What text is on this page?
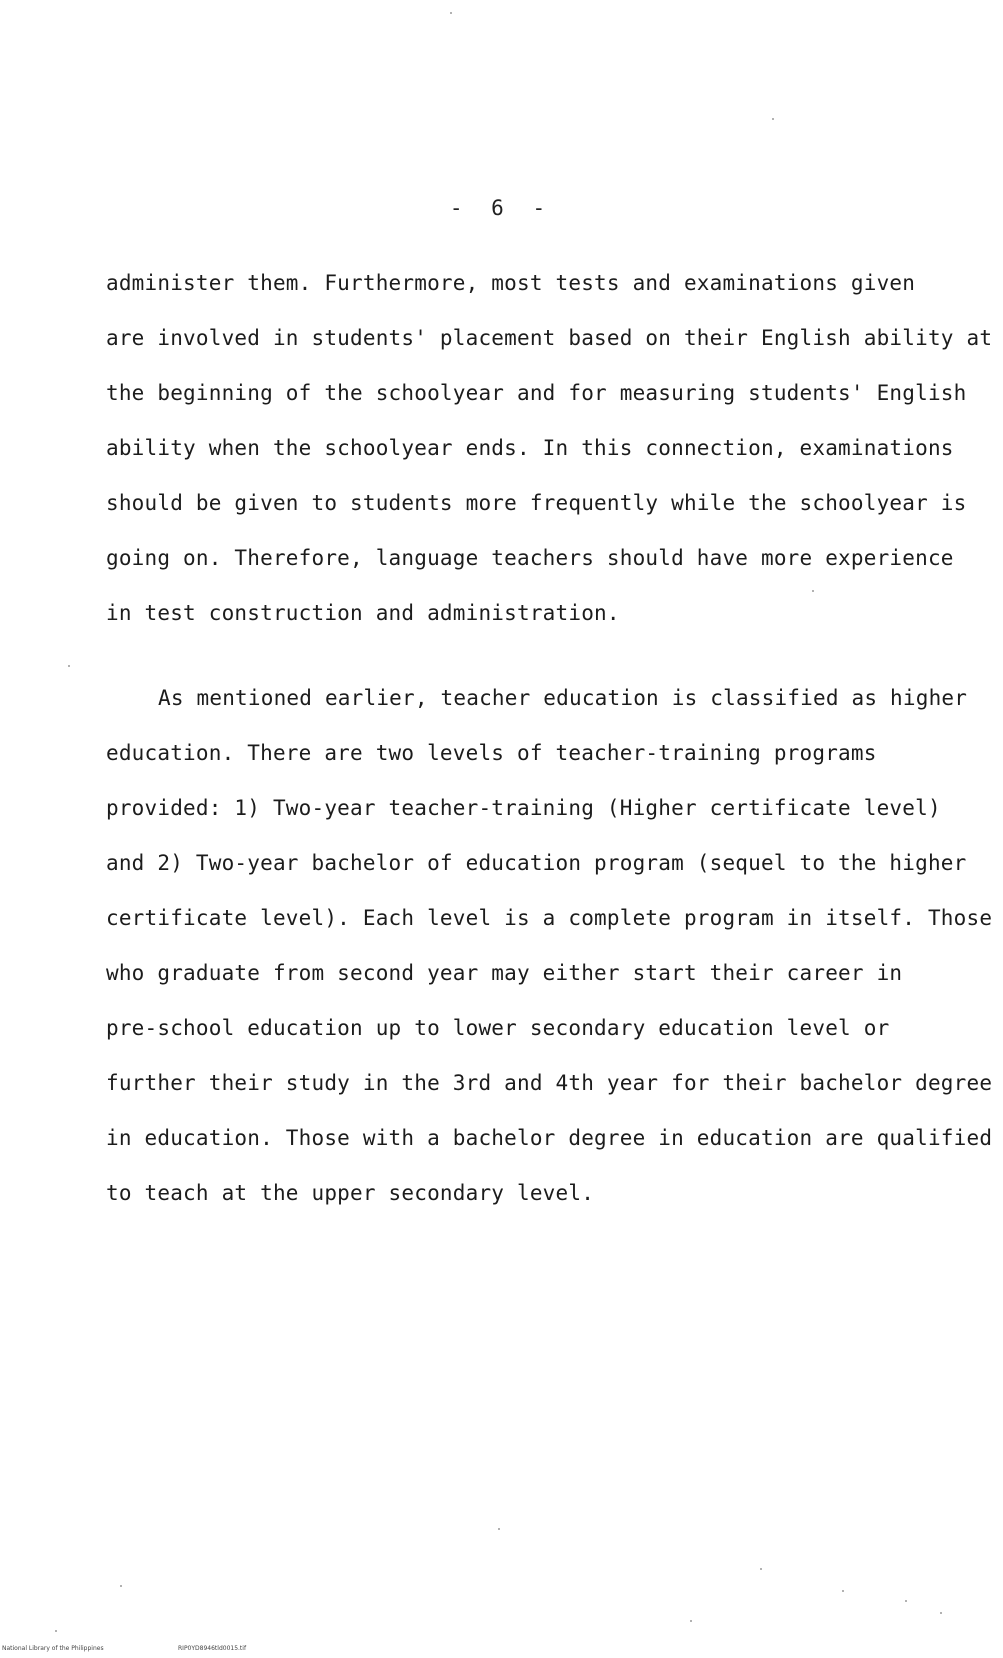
- 6 -
administer them. Furthermore, most tests and examinations given
are involved in students' placement based on their English ability at
the beginning of the schoolyear and for measuring students' English
ability when the schoolyear ends. In this connection, examinations
should be given to students more frequently while the schoolyear is
going on. Therefore, language teachers should have more experience
in test construction and administration.
As mentioned earlier, teacher education is classified as higher
education. There are two levels of teacher-training programs
provided: 1) Two-year teacher-training (Higher certificate level)
and 2) Two-year bachelor of education program (sequel to the higher
certificate level). Each level is a complete program in itself. Those
who graduate from second year may either start their career in
pre-school education up to lower secondary education level or
further their study in the 3rd and 4th year for their bachelor degree
in education. Those with a bachelor degree in education are qualified
to teach at the upper secondary level.
National Library of the Philippines	RIP0YD8946tld0015.tif
